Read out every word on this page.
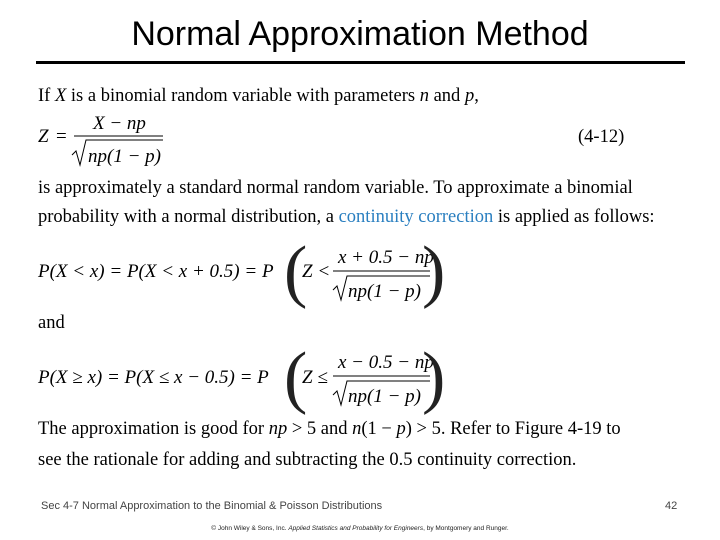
Normal Approximation Method
If X is a binomial random variable with parameters n and p,
Z =
X − np
np(1 − p)
P(X < x) = P(X < x + 0.5) = P (
Z <
x + 0.5 − np
np(1 − p) )
P(X ≥ x) = P(X ≤ x − 0.5) = P (
Z ≤
x − 0.5 − np
np(1 − p) )
(4-12)
is approximately a standard normal random variable. To approximate a binomial
probability with a normal distribution, a continuity correction is applied as follows:
and
The approximation is good for np > 5 and n(1 − p) > 5. Refer to Figure 4-19 to
see the rationale for adding and subtracting the 0.5 continuity correction.
Sec 4-7 Normal Approximation to the Binomial & Poisson Distributions	42
© John Wiley & Sons, Inc. Applied Statistics and Probability for Engineers, by Montgomery and Runger.
